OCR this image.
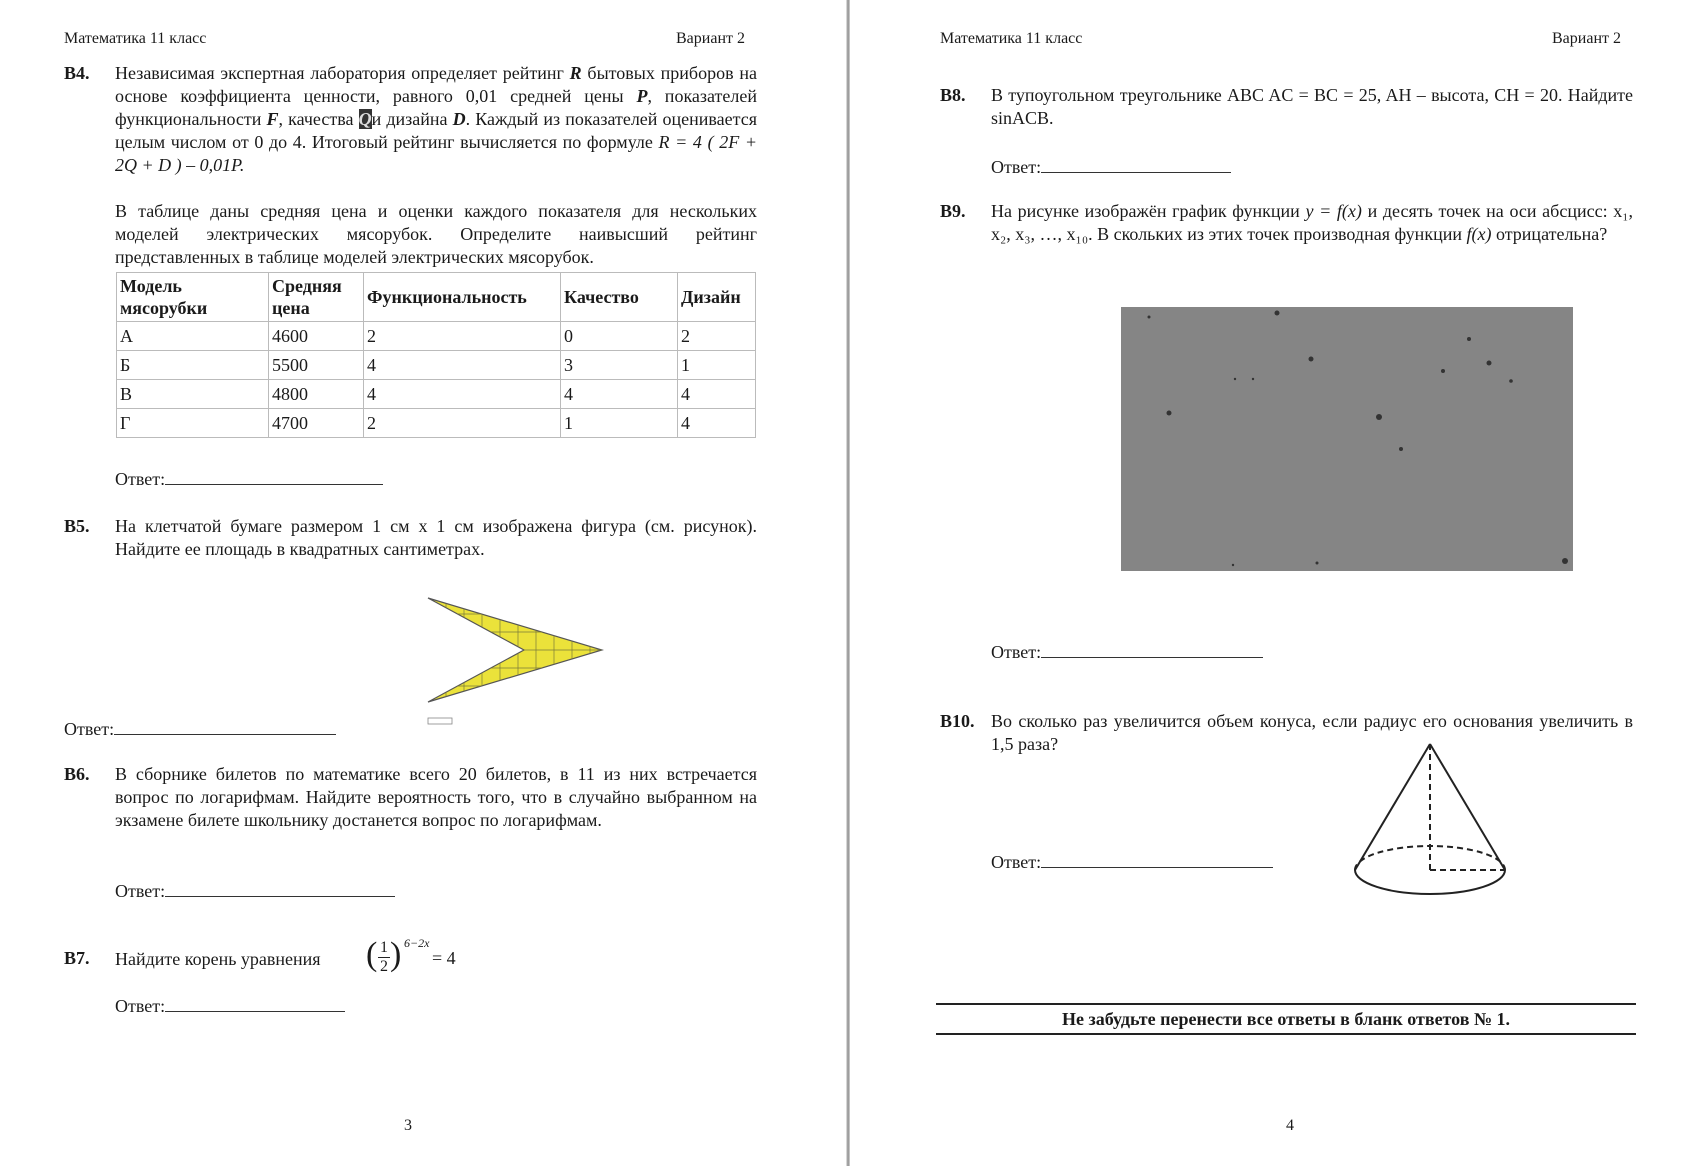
Математика 11 класс	Вариант 2
В4. Независимая экспертная лаборатория определяет рейтинг R бытовых приборов на основе коэффициента ценности, равного 0,01 средней цены P, показателей функциональности F, качества Qи дизайна D. Каждый из показателей оценивается целым числом от 0 до 4. Итоговый рейтинг вычисляется по формуле R = 4 ( 2F + 2Q + D ) – 0,01P.
В таблице даны средняя цена и оценки каждого показателя для нескольких моделей электрических мясорубок. Определите наивысший рейтинг представленных в таблице моделей электрических мясорубок.
Модель мясорубки	Средняя цена	Функциональность	Качество	Дизайн
А	4600	2	0	2
Б	5500	4	3	1
В	4800	4	4	4
Г	4700	2	1	4
Ответ:
В5. На клетчатой бумаге размером 1 см х 1 см изображена фигура (см. рисунок). Найдите ее площадь в квадратных сантиметрах.
Ответ:
В6. В сборнике билетов по математике всего 20 билетов, в 11 из них встречается вопрос по логарифмам. Найдите вероятность того, что в случайно выбранном на экзамене билете школьнику достанется вопрос по логарифмам.
Ответ:
В7. Найдите корень уравнения	( $\frac{1}{2}$ ) 6−2x
= 4
Ответ:
3
Математика 11 класс	Вариант 2
В8. В тупоугольном треугольнике ABC AC = BC = 25, AH – высота, CH = 20. Найдите sinACB.
Ответ:
В9. На рисунке изображён график функции y = f(x) и десять точек на оси абсцисс: x₁, x₂, x₃, …, x₁₀. В скольких из этих точек производная функции f(x) отрицательна?
Ответ:
В10. Во сколько раз увеличится объем конуса, если радиус его основания увеличить в 1,5 раза?
Ответ:
Не забудьте перенести все ответы в бланк ответов № 1.
4
